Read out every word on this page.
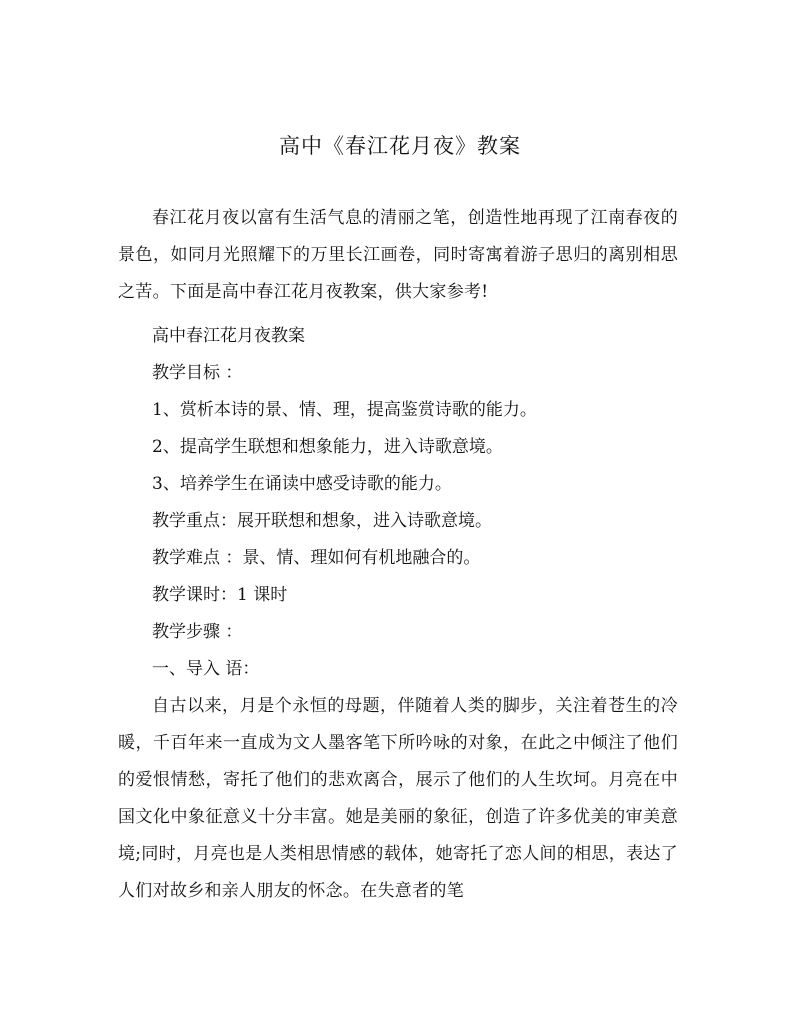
高中《春江花月夜》教案

春江花月夜以富有生活气息的清丽之笔，创造性地再现了江南春夜的景色，如同月光照耀下的万里长江画卷，同时寄寓着游子思归的离别相思之苦。下面是高中春江花月夜教案，供大家参考!

高中春江花月夜教案

教学目标 ：

1、赏析本诗的景、情、理，提高鉴赏诗歌的能力。

2、提高学生联想和想象能力，进入诗歌意境。

3、培养学生在诵读中感受诗歌的能力。

教学重点：展开联想和想象，进入诗歌意境。

教学难点 ：景、情、理如何有机地融合的。

教学课时：1 课时

教学步骤 ：

一、导入 语：

自古以来，月是个永恒的母题，伴随着人类的脚步，关注着苍生的冷暖，千百年来一直成为文人墨客笔下所吟咏的对象，在此之中倾注了他们的爱恨情愁，寄托了他们的悲欢离合，展示了他们的人生坎坷。月亮在中国文化中象征意义十分丰富。她是美丽的象征，创造了许多优美的审美意境;同时，月亮也是人类相思情感的载体，她寄托了恋人间的相思，表达了人们对故乡和亲人朋友的怀念。在失意者的笔
